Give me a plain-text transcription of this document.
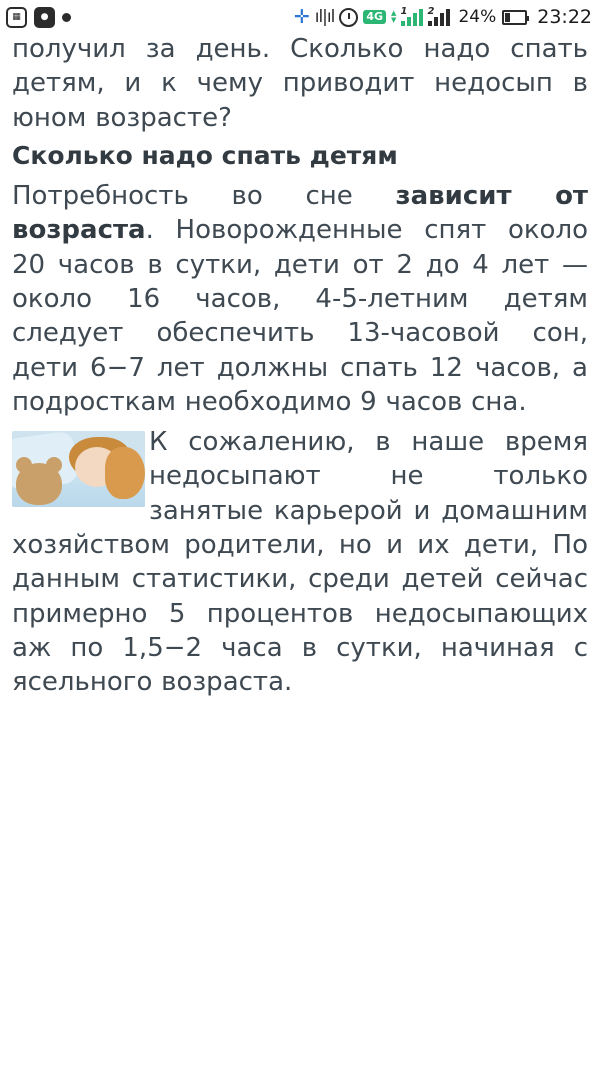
▦	●	✛ ıl|ıl	4G	▲
▼
1 2 24% 23:22

получил за день. Сколько надо спать детям, и к чему приводит недосып в юном возрасте?

Сколько надо спать детям

Потребность во сне зависит от возраста. Новорожденные спят около 20 часов в сутки, дети от 2 до 4 лет — около 16 часов, 4-5-летним детям следует обеспечить 13-часовой сон, дети 6−7 лет должны спать 12 часов, а подросткам необходимо 9 часов сна.

К сожалению, в наше время недосыпают не только занятые карьерой и домашним хозяйством родители, но и их дети, По данным статистики, среди детей сейчас примерно 5 процентов недосыпающих аж по 1,5−2 часа в сутки, начиная с ясельного возраста.
